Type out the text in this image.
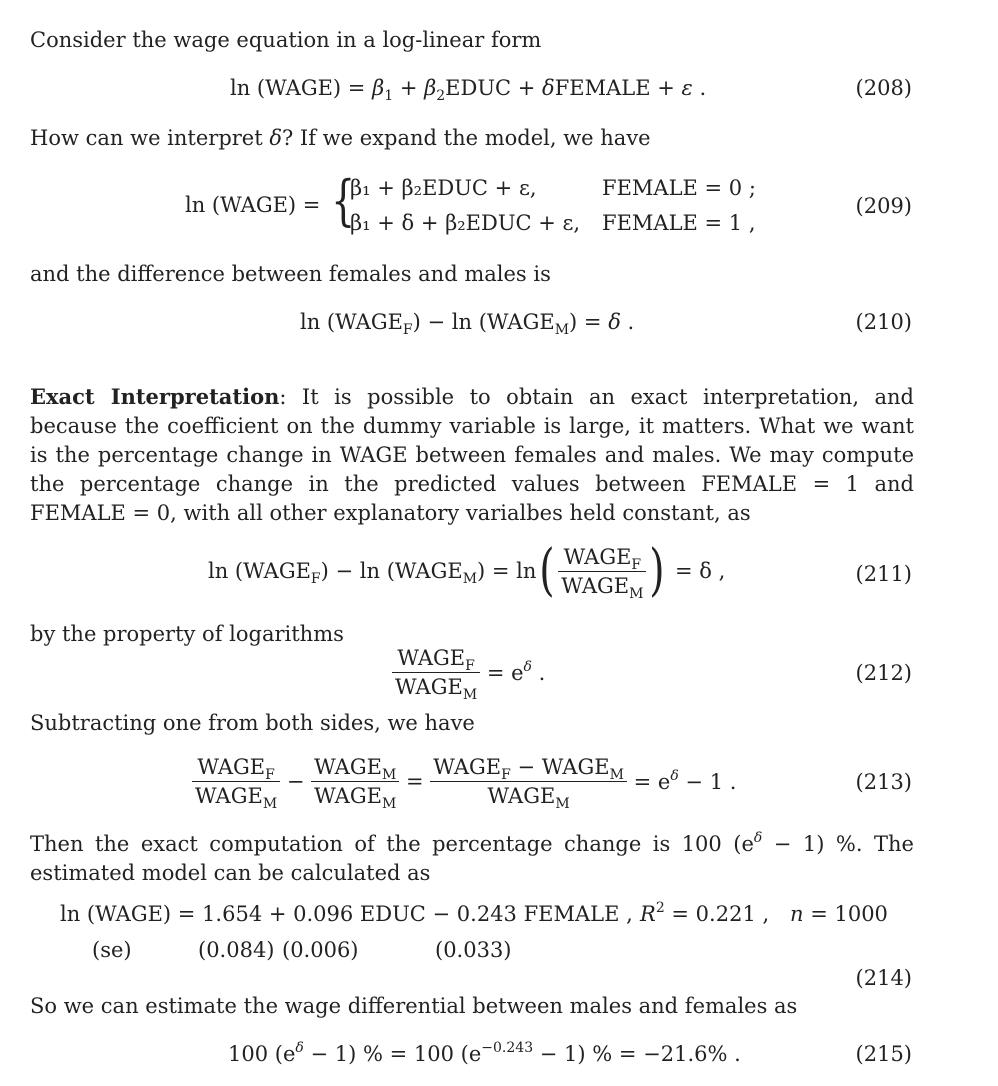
Consider the wage equation in a log-linear form
ln (WAGE) = $\beta_1$ + $\beta_2EDUC$ + δFEMALE + ε .	(208)
How can we interpret δ? If we expand the model, we have
ln (WAGE) = {
β₁ + β₂EDUC + ε,	FEMALE = 0 ;
β₁ + δ + β₂EDUC + ε, FEMALE = 1 ,
(209)
and the difference between females and males is
$\ln (WAGE_F) - \ln$ $(WAGE_M) = \delta$ .	(210)
Exact Interpretation: It is possible to obtain an exact interpretation, and because the coefficient on the dummy variable is large, it matters. What we want is the percentage change in WAGE between females and males. We may compute the percentage change in the predicted values between FEMALE = 1 and FEMALE = 0, with all other explanatory varialbes held constant, as
$\ln (WAGE_F) - \ln$ $(WAGE_M) = \ln( \frac{WAGE_F}{WAGE_M}$ ) = δ ,	(211)
by the property of logarithms
$\frac{WAGE_F}{WAGE_M} = e^\delta$ .	(212)
Subtracting one from both sides, we have
$\frac{WAGE_F}{WAGE_M} - \frac{WAGE_M}{WAGE_M} = \frac{WAGE_F - WAGE_M}{WAGE_M} = e^\delta - 1$ .	(213)
Then the exact computation of the percentage change is 100 $(e^\delta - 1)$ %. The estimated model can be calculated as
ln (WAGE) = 1.654 + 0.096 EDUC − 0.243 FEMALE , $R^2 = 0.221$ , n = 1000
(se)	(0.084) (0.006)	(0.033)
(214)
So we can estimate the wage differential between males and females as
100 $(e^\delta - 1)$ % = 100 $(e^{-0.243} - 1)$ % = −21.6% .	(215)
